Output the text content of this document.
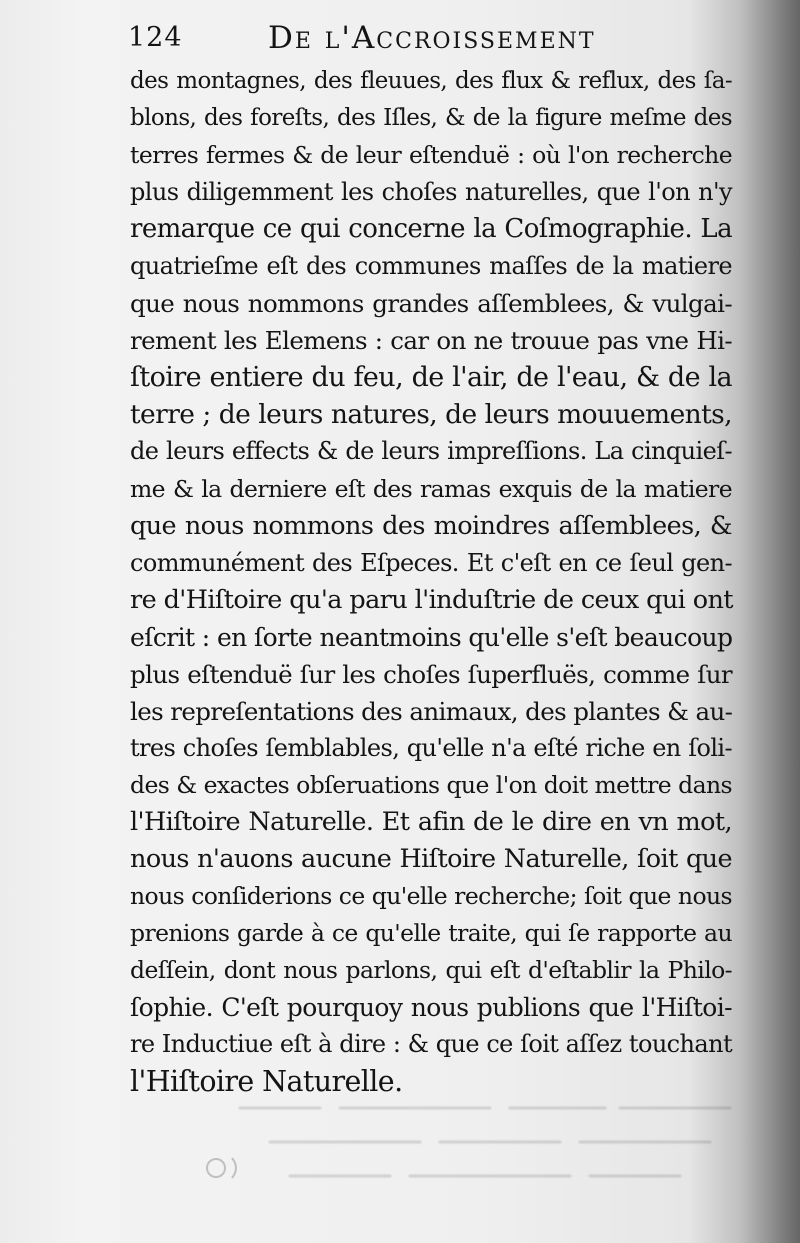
124	De l'Accroissement
des montagnes, des fleuues, des flux & reflux, des ſa-
blons, des foreſts, des Iſles, & de la figure meſme des
terres fermes & de leur eſtenduë : où l'on recherche
plus diligemment les choſes naturelles, que l'on n'y
remarque ce qui concerne la Coſmographie. La
quatrieſme eſt des communes maſſes de la matiere
que nous nommons grandes aſſemblees, & vulgai-
rement les Elemens : car on ne trouue pas vne Hi-
ſtoire entiere du feu, de l'air, de l'eau, & de la
terre ; de leurs natures, de leurs mouuements,
de leurs effects & de leurs impreſſions. La cinquieſ-
me & la derniere eſt des ramas exquis de la matiere
que nous nommons des moindres aſſemblees, &
communément des Eſpeces. Et c'eſt en ce ſeul gen-
re d'Hiſtoire qu'a paru l'induſtrie de ceux qui ont
eſcrit : en ſorte neantmoins qu'elle s'eſt beaucoup
plus eſtenduë ſur les choſes ſuperfluës, comme ſur
les repreſentations des animaux, des plantes & au-
tres choſes ſemblables, qu'elle n'a eſté riche en ſoli-
des & exactes obſeruations que l'on doit mettre dans
l'Hiſtoire Naturelle. Et afin de le dire en vn mot,
nous n'auons aucune Hiſtoire Naturelle, ſoit que
nous conſiderions ce qu'elle recherche; ſoit que nous
prenions garde à ce qu'elle traite, qui ſe rapporte au
deſſein, dont nous parlons, qui eſt d'eſtablir la Philo-
ſophie. C'eſt pourquoy nous publions que l'Hiſtoi-
re Inductiue eſt à dire : & que ce ſoit aſſez touchant
l'Hiſtoire Naturelle.
